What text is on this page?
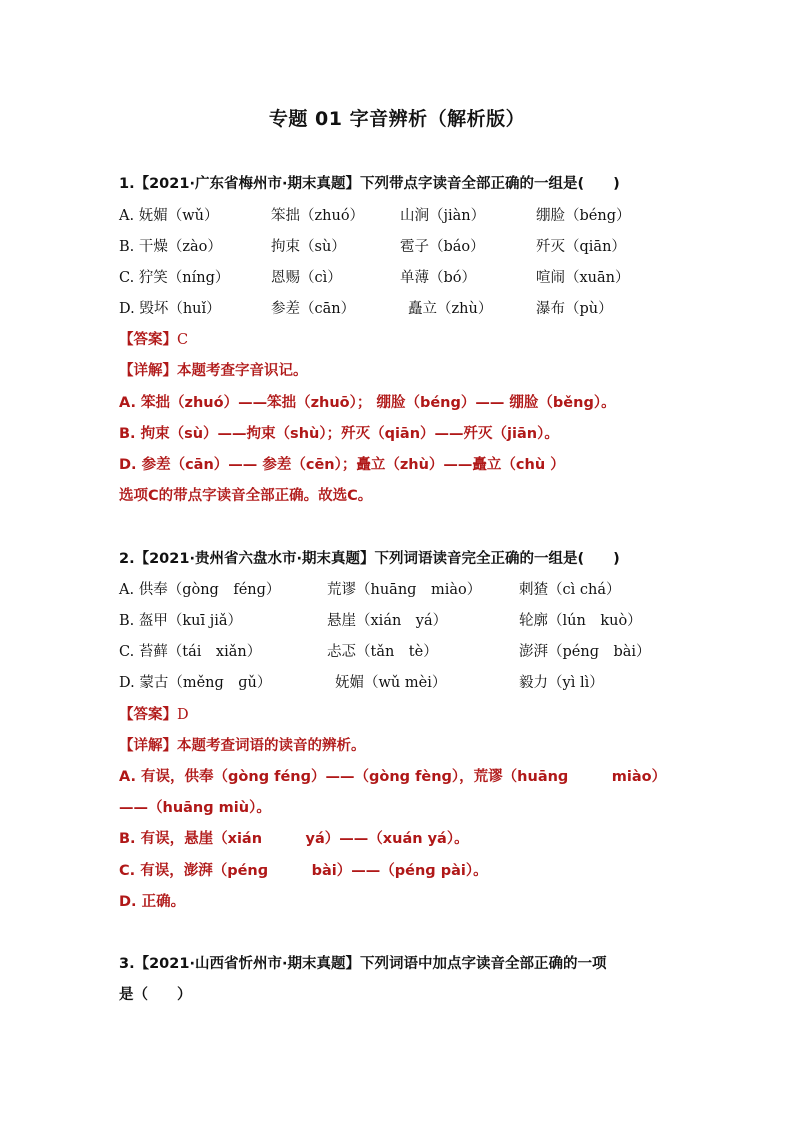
专题 01 字音辨析（解析版）
1.【2021·广东省梅州市·期末真题】下列带点字读音全部正确的一组是(　　)
A. 妩媚（wǔ）	笨拙（zhuó） 山涧（jiàn）	绷脸（béng）
B. 干燥（zào）	拘束（sù）	雹子（báo）	歼灭（qiān）
C. 狞笑（níng）	恩赐（cì）	单薄（bó）	喧闹（xuān）
D. 毁坏（huǐ）	参差（cān）	矗立（zhù）	瀑布（pù）
【答案】C
【详解】本题考查字音识记。
A. 笨拙（zhuó）——笨拙（zhuō）； 绷脸（béng）—— 绷脸（běng）。
B. 拘束（sù）——拘束（shù）；歼灭（qiān）——歼灭（jiān）。
D. 参差（cān）—— 参差（cēn）；矗立（zhù）——矗立（chù ）
选项C的带点字读音全部正确。故选C。
2.【2021·贵州省六盘水市·期末真题】下列词语读音完全正确的一组是(　　)
A. 供奉（gòng　fénɡ）	荒谬（huānɡ　miào）	刺猹（cì chá）
B. 盔甲（kuī jiǎ）	悬崖（xián　yá）	轮廓（lún　kuò）
C. 苔藓（tái　xiǎn）	忐忑（tǎn　tè）	澎湃（pénɡ　bài）
D. 蒙古（měnɡ　ɡǔ）	妩媚（wǔ mèi）	毅力（yì lì）
【答案】D
【详解】本题考查词语的读音的辨析。
A. 有误，供奉（gòng fénɡ）——（gòng fènɡ），荒谬（huānɡ　　　miào）
——（huānɡ miù）。
B. 有误，悬崖（xián　　　yá）——（xuán yá）。
C. 有误，澎湃（pénɡ　　　bài）——（pénɡ pài）。
D. 正确。
3.【2021·山西省忻州市·期末真题】下列词语中加点字读音全部正确的一项
是（　　）
